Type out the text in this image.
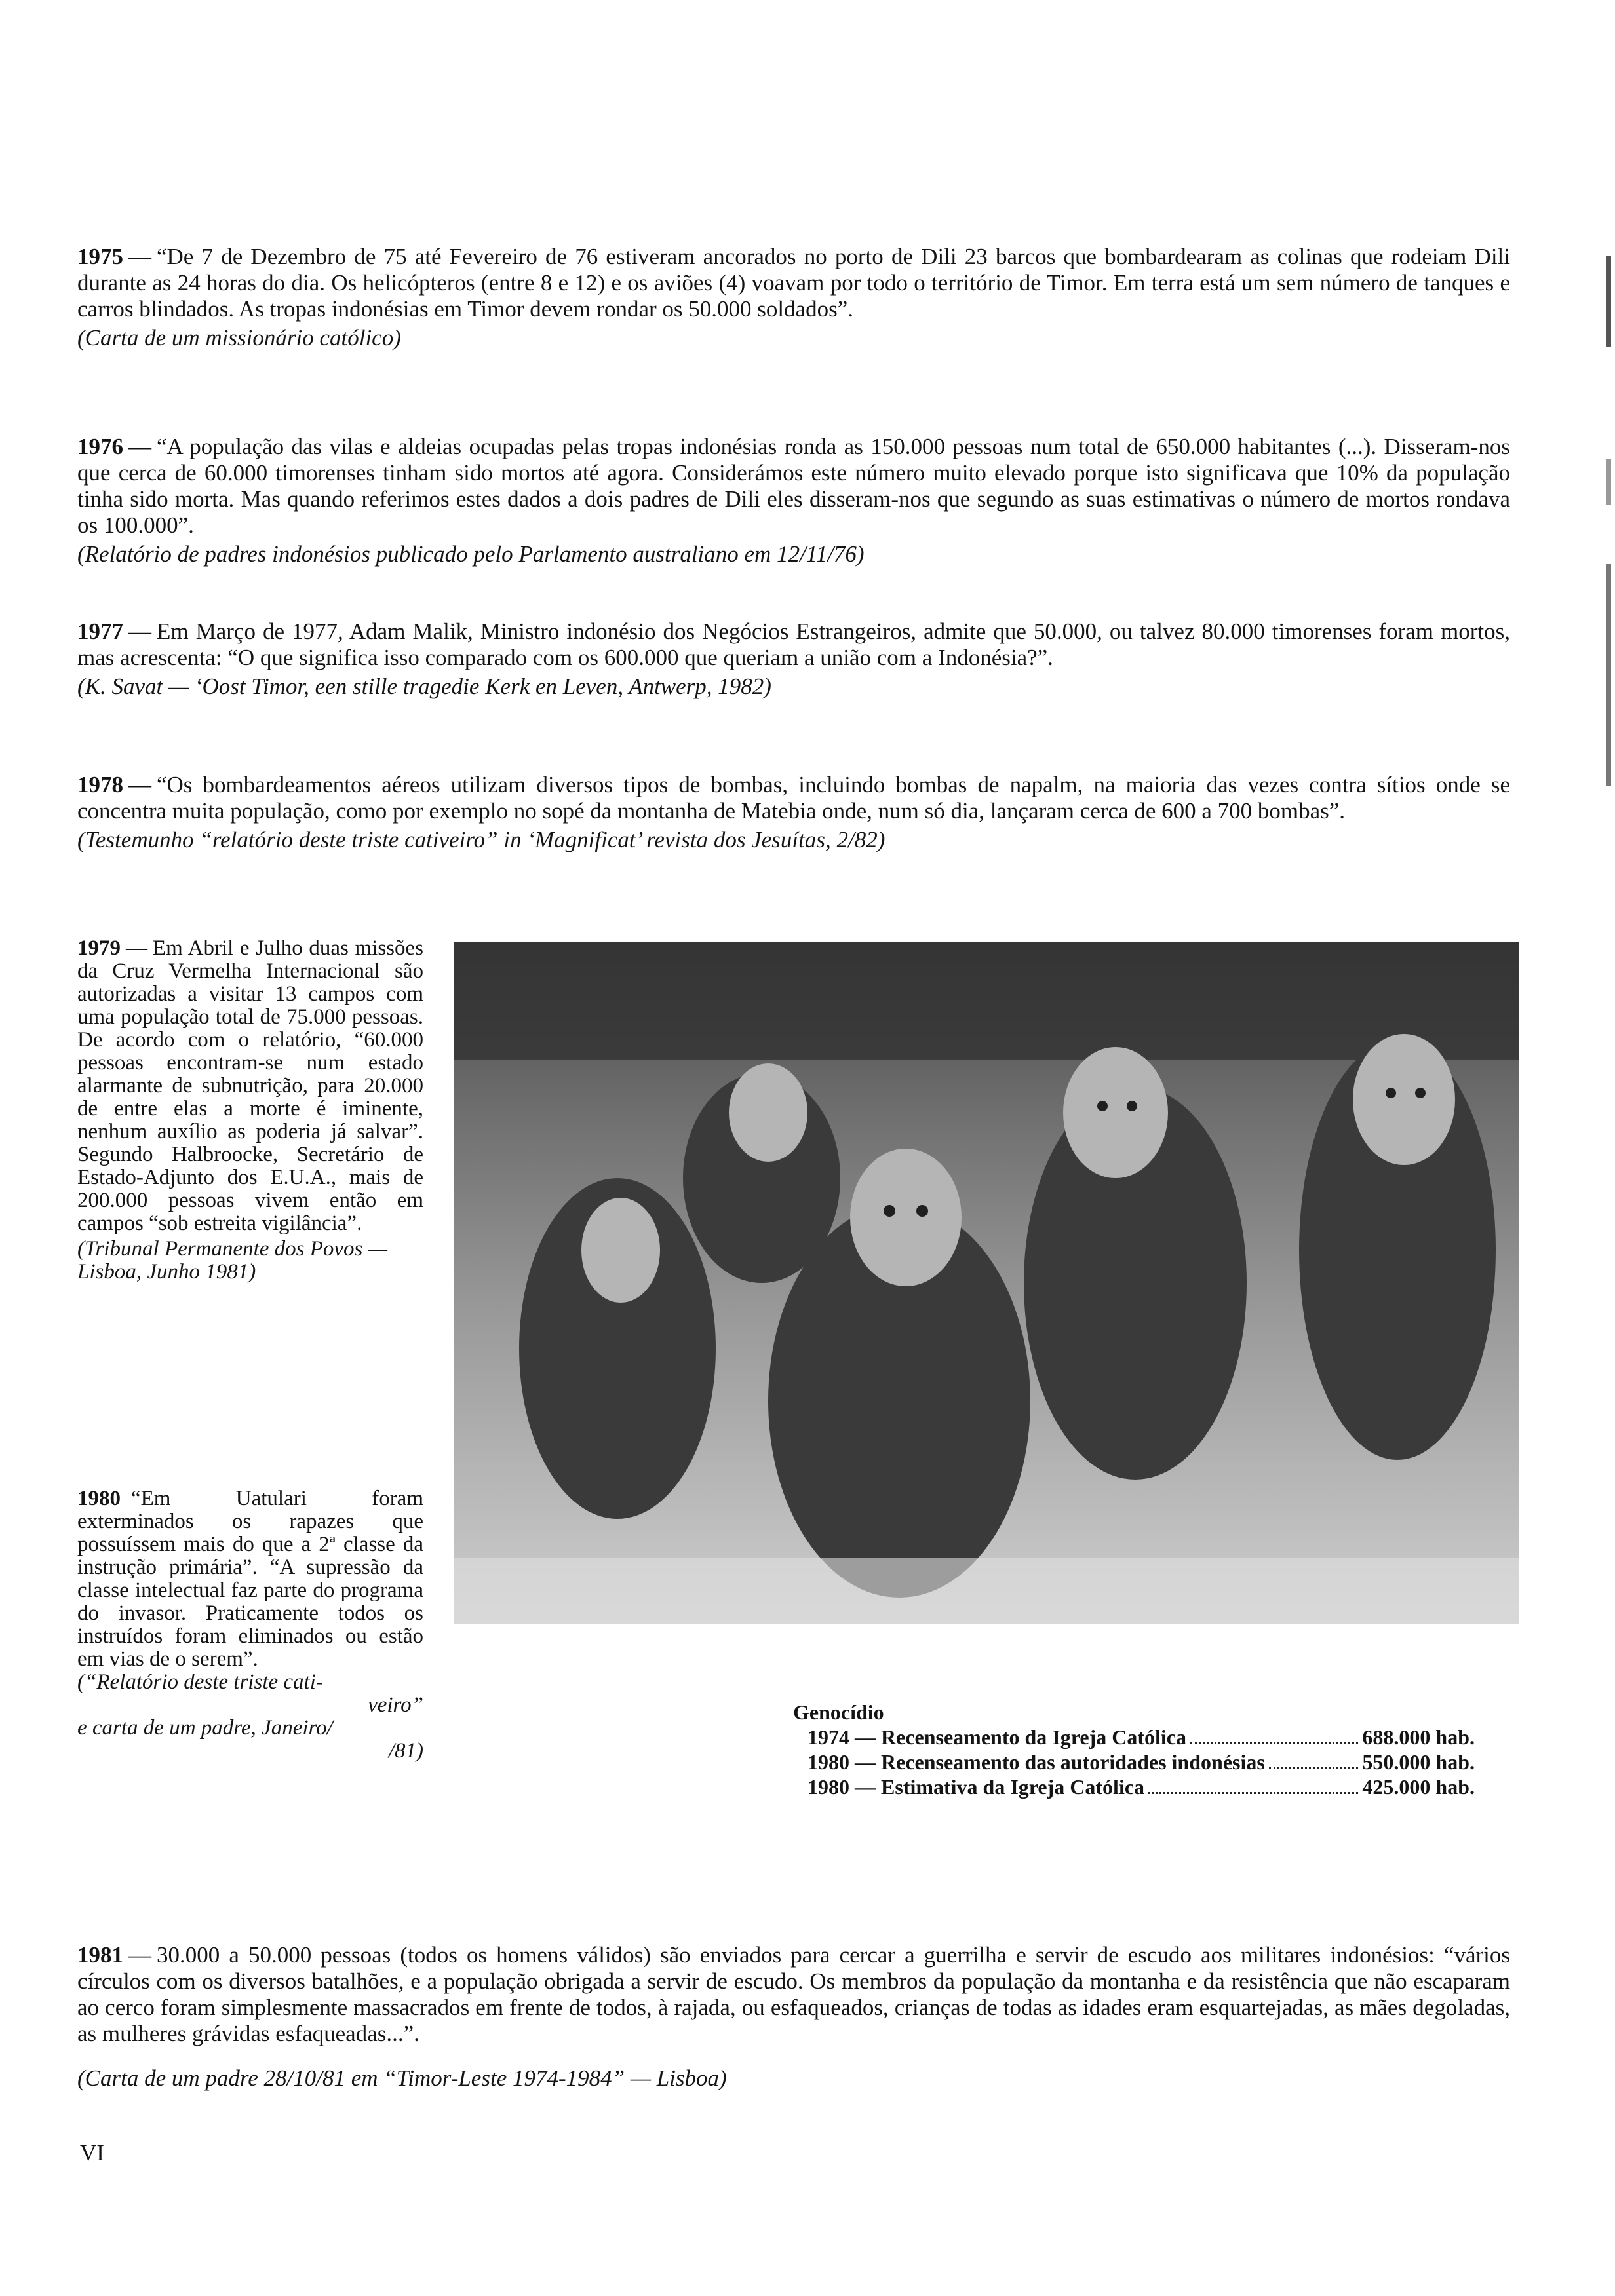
1975 — “De 7 de Dezembro de 75 até Fevereiro de 76 estiveram ancorados no porto de Dili 23 barcos que bombardearam as colinas que rodeiam Dili durante as 24 horas do dia. Os helicópteros (entre 8 e 12) e os aviões (4) voavam por todo o território de Timor. Em terra está um sem número de tanques e carros blindados. As tropas indonésias em Timor devem rondar os 50.000 soldados”.

(Carta de um missionário católico)

1976 — “A população das vilas e aldeias ocupadas pelas tropas indonésias ronda as 150.000 pessoas num total de 650.000 habitantes (...). Disseram-nos que cerca de 60.000 timorenses tinham sido mortos até agora. Considerámos este número muito elevado porque isto significava que 10% da população tinha sido morta. Mas quando referimos estes dados a dois padres de Dili eles disseram-nos que segundo as suas estimativas o número de mortos rondava os 100.000”.

(Relatório de padres indonésios publicado pelo Parlamento australiano em 12/11/76)

1977 — Em Março de 1977, Adam Malik, Ministro indonésio dos Negócios Estrangeiros, admite que 50.000, ou talvez 80.000 timorenses foram mortos, mas acrescenta: “O que significa isso comparado com os 600.000 que queriam a união com a Indonésia?”.

(K. Savat — ‘Oost Timor, een stille tragedie Kerk en Leven, Antwerp, 1982)

1978 — “Os bombardeamentos aéreos utilizam diversos tipos de bombas, incluindo bombas de napalm, na maioria das vezes contra sítios onde se concentra muita população, como por exemplo no sopé da montanha de Matebia onde, num só dia, lançaram cerca de 600 a 700 bombas”.

(Testemunho “relatório deste triste cativeiro” in ‘Magnificat’ revista dos Jesuítas, 2/82)

1979 — Em Abril e Julho duas missões da Cruz Vermelha Internacional são autorizadas a visitar 13 campos com uma população total de 75.000 pessoas. De acordo com o relatório, “60.000 pessoas encontram-se num estado alarmante de subnutrição, para 20.000 de entre elas a morte é iminente, nenhum auxílio as poderia já salvar”. Segundo Halbroocke, Secretário de Estado-Adjunto dos E.U.A., mais de 200.000 pessoas vivem então em campos “sob estreita vigilância”.

(Tribunal Permanente dos Povos — Lisboa, Junho 1981)

1980 “Em Uatulari foram exterminados os rapazes que possuíssem mais do que a 2ª classe da instrução primária”. “A supressão da classe intelectual faz parte do programa do invasor. Praticamente todos os instruídos foram eliminados ou estão em vias de o serem”.

(“Relatório deste triste cati-

veiro”

e carta de um padre, Janeiro/

/81)

Genocídio
1974 — Recenseamento da Igreja Católica	688.000 hab.
1980 — Recenseamento das autoridades indonésias	550.000 hab.
1980 — Estimativa da Igreja Católica	425.000 hab.

1981 — 30.000 a 50.000 pessoas (todos os homens válidos) são enviados para cercar a guerrilha e servir de escudo aos militares indonésios: “vários círculos com os diversos batalhões, e a população obrigada a servir de escudo. Os membros da população da montanha e da resistência que não escaparam ao cerco foram simplesmente massacrados em frente de todos, à rajada, ou esfaqueados, crianças de todas as idades eram esquartejadas, as mães degoladas, as mulheres grávidas esfaqueadas...”.

(Carta de um padre 28/10/81 em “Timor-Leste 1974-1984” — Lisboa)

VI
